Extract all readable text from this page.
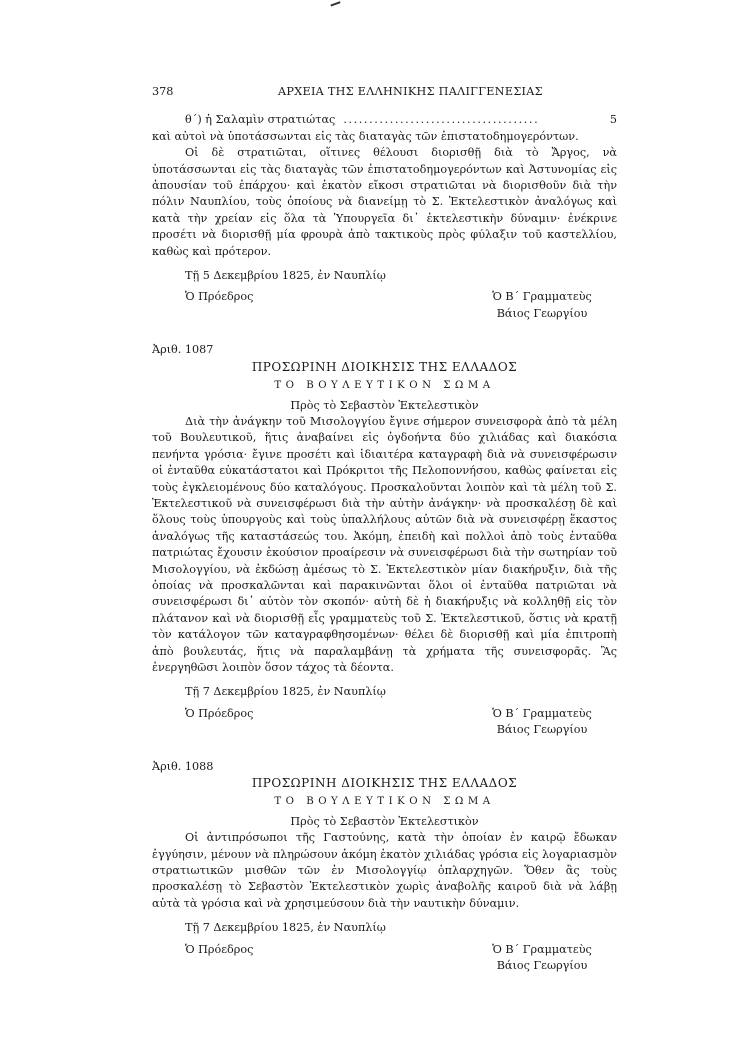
378	ΑΡΧΕΙΑ ΤΗΣ ΕΛΛΗΝΙΚΗΣ ΠΑΛΙΓΓΕΝΕΣΙΑΣ
θ΄) ἡ Σαλαμὶν στρατιώτας ......................................	5

καὶ αὐτοὶ νὰ ὑποτάσσωνται εἰς τὰς διαταγὰς τῶν ἐπιστατοδημογερόντων.

Οἱ δὲ στρατιῶται, οἵτινες θέλουσι διορισθῇ διὰ τὸ Ἄργος, νὰ ὑποτάσσωνται εἰς τὰς διαταγὰς τῶν ἐπιστατοδημογερόντων καὶ Ἀστυνομίας εἰς ἀπουσίαν τοῦ ἐπάρχου· καὶ ἑκατὸν εἴκοσι στρατιῶται νὰ διορισθοῦν διὰ τὴν πόλιν Ναυπλίου, τοὺς ὁποίους νὰ διανείμῃ τὸ Σ. Ἐκτελεστικὸν ἀναλόγως καὶ κατὰ τὴν χρείαν εἰς ὅλα τὰ Ὑπουργεῖα δι᾿ ἐκτελεστικὴν δύναμιν· ἐνέκρινε προσέτι νὰ διορισθῇ μία φρουρὰ ἀπὸ τακτικοὺς πρὸς φύλαξιν τοῦ καστελλίου, καθὼς καὶ πρότερον.

Τῇ 5 Δεκεμβρίου 1825, ἐν Ναυπλίῳ
Ὁ Πρόεδρος	Ὁ Β΄ Γραμματεὺς
Βάιος Γεωργίου
Ἀριθ. 1087
ΠΡΟΣΩΡΙΝΗ ΔΙΟΙΚΗΣΙΣ ΤΗΣ ΕΛΛΑΔΟΣ
ΤΟ ΒΟΥΛΕΥΤΙΚΟΝ ΣΩΜΑ
Πρὸς τὸ Σεβαστὸν Ἐκτελεστικὸν

Διὰ τὴν ἀνάγκην τοῦ Μισολογγίου ἔγινε σήμερον συνεισφορὰ ἀπὸ τὰ μέλη τοῦ Βουλευτικοῦ, ἥτις ἀναβαίνει εἰς ὀγδοήντα δύο χιλιάδας καὶ διακόσια πενήντα γρόσια· ἔγινε προσέτι καὶ ἰδιαιτέρα καταγραφὴ διὰ νὰ συνεισφέρωσιν οἱ ἐνταῦθα εὐκατάστατοι καὶ Πρόκριτοι τῆς Πελοποννήσου, καθὼς φαίνεται εἰς τοὺς ἐγκλειομένους δύο καταλόγους. Προσκαλοῦνται λοιπὸν καὶ τὰ μέλη τοῦ Σ. Ἐκτελεστικοῦ νὰ συνεισφέρωσι διὰ τὴν αὐτὴν ἀνάγκην· νὰ προσκαλέσῃ δὲ καὶ ὅλους τοὺς ὑπουργοὺς καὶ τοὺς ὑπαλλήλους αὐτῶν διὰ νὰ συνεισφέρῃ ἕκαστος ἀναλόγως τῆς καταστάσεώς του. Ἀκόμη, ἐπειδὴ καὶ πολλοὶ ἀπὸ τοὺς ἐνταῦθα πατριώτας ἔχουσιν ἑκούσιον προαίρεσιν νὰ συνεισφέρωσι διὰ τὴν σωτηρίαν τοῦ Μισολογγίου, νὰ ἐκδώσῃ ἀμέσως τὸ Σ. Ἐκτελεστικὸν μίαν διακήρυξιν, διὰ τῆς ὁποίας νὰ προσκαλῶνται καὶ παρακινῶνται ὅλοι οἱ ἐνταῦθα πατριῶται νὰ συνεισφέρωσι δι᾿ αὐτὸν τὸν σκοπόν· αὐτὴ δὲ ἡ διακήρυξις νὰ κολληθῇ εἰς τὸν πλάτανον καὶ νὰ διορισθῇ εἷς γραμματεὺς τοῦ Σ. Ἐκτελεστικοῦ, ὅστις νὰ κρατῇ τὸν κατάλογον τῶν καταγραφθησομένων· θέλει δὲ διορισθῇ καὶ μία ἐπιτροπὴ ἀπὸ βουλευτάς, ἥτις νὰ παραλαμβάνῃ τὰ χρήματα τῆς συνεισφορᾶς. Ἂς ἐνεργηθῶσι λοιπὸν ὅσον τάχος τὰ δέοντα.

Τῇ 7 Δεκεμβρίου 1825, ἐν Ναυπλίῳ
Ὁ Πρόεδρος	Ὁ Β΄ Γραμματεὺς
Βάιος Γεωργίου
Ἀριθ. 1088
ΠΡΟΣΩΡΙΝΗ ΔΙΟΙΚΗΣΙΣ ΤΗΣ ΕΛΛΑΔΟΣ
ΤΟ ΒΟΥΛΕΥΤΙΚΟΝ ΣΩΜΑ
Πρὸς τὸ Σεβαστὸν Ἐκτελεστικὸν

Οἱ ἀντιπρόσωποι τῆς Γαστούνης, κατὰ τὴν ὁποίαν ἐν καιρῷ ἔδωκαν ἐγγύησιν, μένουν νὰ πληρώσουν ἀκόμη ἑκατὸν χιλιάδας γρόσια εἰς λογαριασμὸν στρατιωτικῶν μισθῶν τῶν ἐν Μισολογγίῳ ὁπλαρχηγῶν. Ὅθεν ἂς τοὺς προσκαλέσῃ τὸ Σεβαστὸν Ἐκτελεστικὸν χωρὶς ἀναβολῆς καιροῦ διὰ νὰ λάβῃ αὐτὰ τὰ γρόσια καὶ νὰ χρησιμεύσουν διὰ τὴν ναυτικὴν δύναμιν.

Τῇ 7 Δεκεμβρίου 1825, ἐν Ναυπλίῳ
Ὁ Πρόεδρος	Ὁ Β΄ Γραμματεὺς
Βάιος Γεωργίου
